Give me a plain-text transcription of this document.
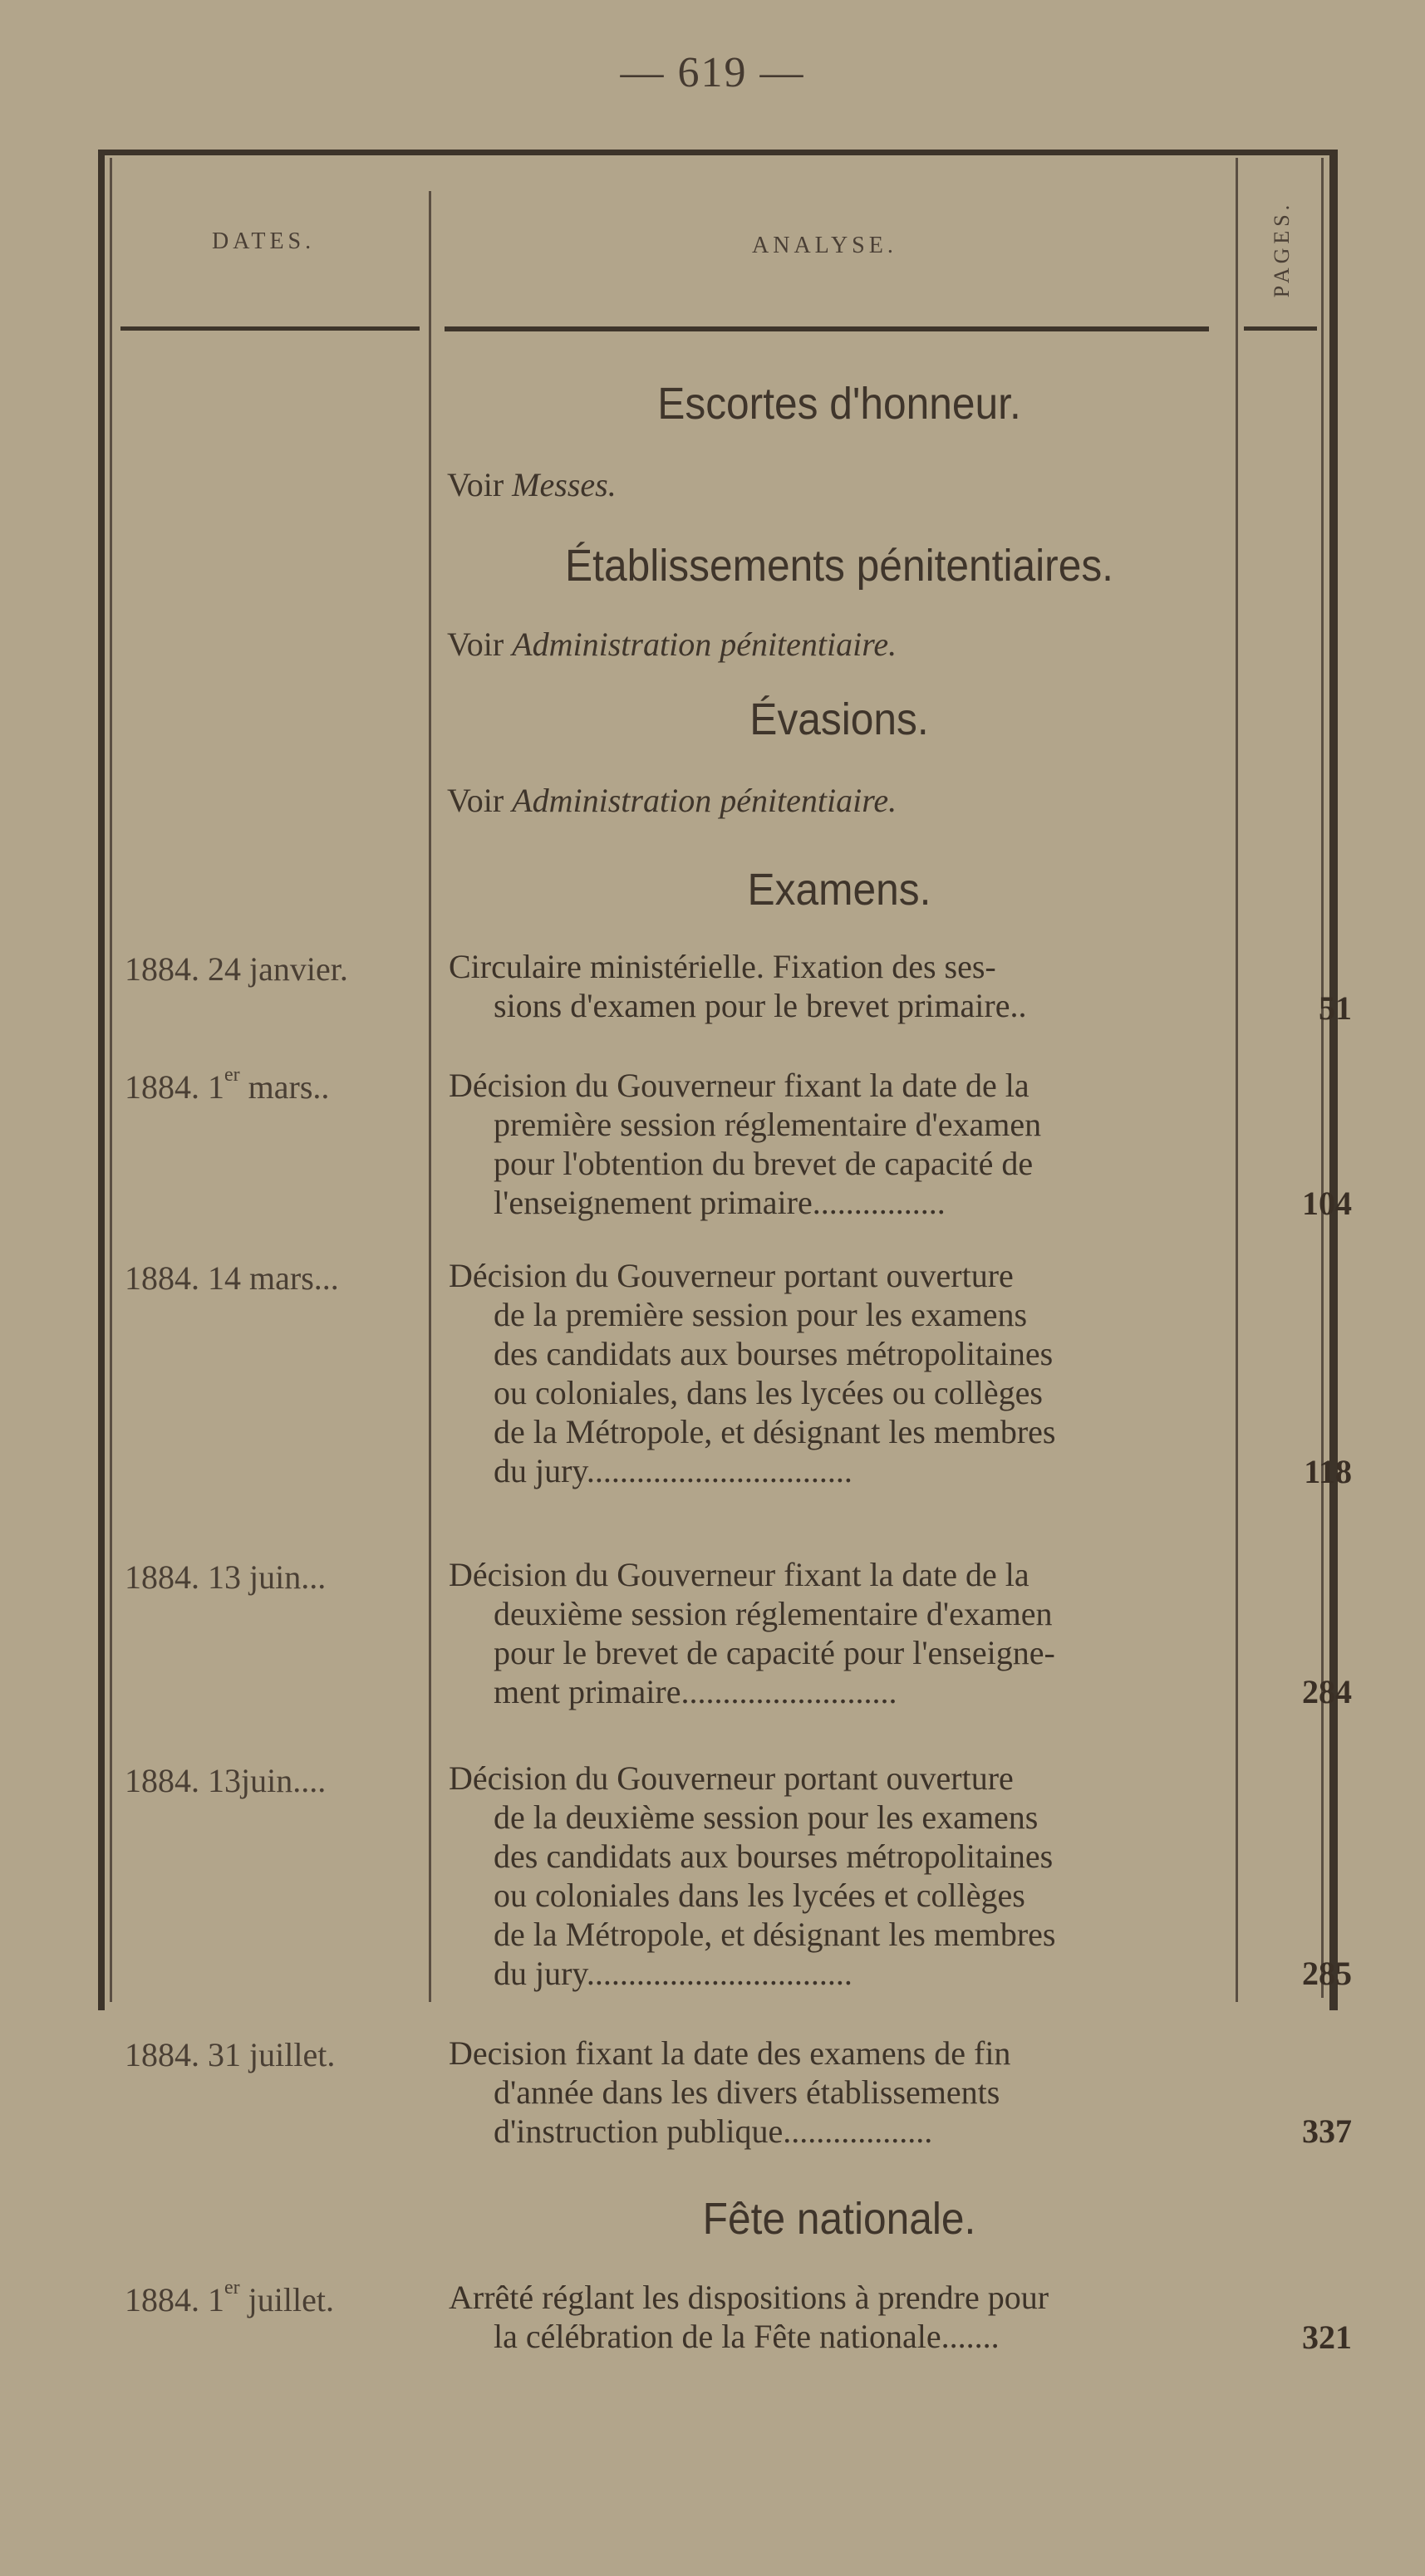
— 619 —
DATES.	ANALYSE.	PAGES.
Escortes d'honneur.
Voir Messes.
Établissements pénitentiaires.
Voir Administration pénitentiaire.
Évasions.
Voir Administration pénitentiaire.
Examens.
1884. 24 janvier.	Circulaire ministérielle. Fixation des ses-
sions d'examen pour le brevet primaire..	51
1884. 1er mars..	Décision du Gouverneur fixant la date de la
première session réglementaire d'examen
pour l'obtention du brevet de capacité de
l'enseignement primaire................	104
1884. 14 mars...	Décision du Gouverneur portant ouverture
de la première session pour les examens
des candidats aux bourses métropolitaines
ou coloniales, dans les lycées ou collèges
de la Métropole, et désignant les membres
du jury................................	118
1884. 13 juin...	Décision du Gouverneur fixant la date de la
deuxième session réglementaire d'examen
pour le brevet de capacité pour l'enseigne-
ment primaire..........................	284
1884. 13juin....	Décision du Gouverneur portant ouverture
de la deuxième session pour les examens
des candidats aux bourses métropolitaines
ou coloniales dans les lycées et collèges
de la Métropole, et désignant les membres
du jury................................	285
1884. 31 juillet.	Decision fixant la date des examens de fin
d'année dans les divers établissements
d'instruction publique..................	337
Fête nationale.
1884. 1er juillet.	Arrêté réglant les dispositions à prendre pour
la célébration de la Fête nationale.......	321
